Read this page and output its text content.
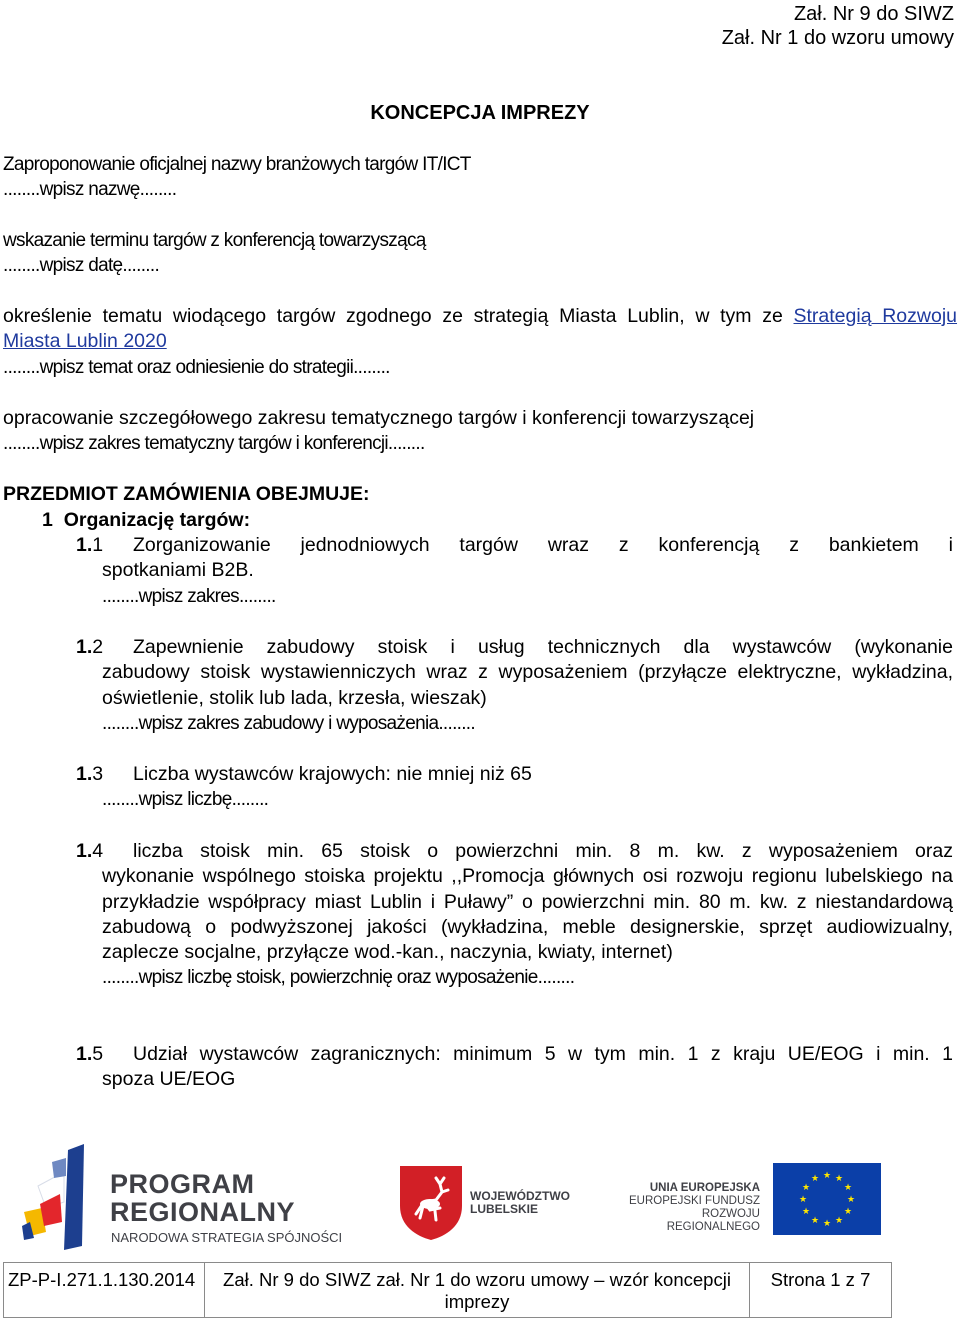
Zał. Nr 9 do SIWZ
Zał. Nr 1 do wzoru umowy
KONCEPCJA IMPREZY
Zaproponowanie oficjalnej nazwy branżowych targów IT/ICT
........wpisz nazwę........
wskazanie terminu targów z konferencją towarzyszącą
........wpisz datę........
określenie tematu wiodącego targów zgodnego ze strategią Miasta Lublin, w tym ze Strategią Rozwoju
Miasta Lublin 2020
........wpisz temat oraz odniesienie do strategii........
opracowanie szczegółowego zakresu tematycznego targów i konferencji towarzyszącej
........wpisz zakres tematyczny targów i konferencji........
PRZEDMIOT ZAMÓWIENIA OBEJMUJE:
1 Organizację targów:
1.1 Zorganizowanie jednodniowych targów wraz z konferencją z bankietem i
spotkaniami B2B.
........wpisz zakres........
1.2 Zapewnienie zabudowy stoisk i usług technicznych dla wystawców (wykonanie
zabudowy stoisk wystawienniczych wraz z wyposażeniem (przyłącze elektryczne, wykładzina, oświetlenie, stolik lub lada, krzesła, wieszak)
........wpisz zakres zabudowy i wyposażenia........
1.3 Liczba wystawców krajowych: nie mniej niż 65
........wpisz liczbę........
1.4 liczba stoisk min. 65 stoisk o powierzchni min. 8 m. kw. z wyposażeniem oraz
wykonanie wspólnego stoiska projektu ,,Promocja głównych osi rozwoju regionu lubelskiego na przykładzie współpracy miast Lublin i Puławy” o powierzchni min. 80 m. kw. z niestandardową zabudową o podwyższonej jakości (wykładzina, meble designerskie, sprzęt audiowizualny, zaplecze socjalne, przyłącze wod.-kan., naczynia, kwiaty, internet)
........wpisz liczbę stoisk, powierzchnię oraz wyposażenie........
1.5 Udział wystawców zagranicznych: minimum 5 w tym min. 1 z kraju UE/EOG i min. 1
spoza UE/EOG
PROGRAM
REGIONALNY
NARODOWA STRATEGIA SPÓJNOŚCI
WOJEWÓDZTWO
LUBELSKIE
UNIA EUROPEJSKA
EUROPEJSKI FUNDUSZ
ROZWOJU REGIONALNEGO
★ ★
★
★
★
★
★
★
★
★
★
★
ZP-P-I.271.1.130.2014	Zał. Nr 9 do SIWZ zał. Nr 1 do wzoru umowy – wzór koncepcji
imprezy
Strona 1 z 7
